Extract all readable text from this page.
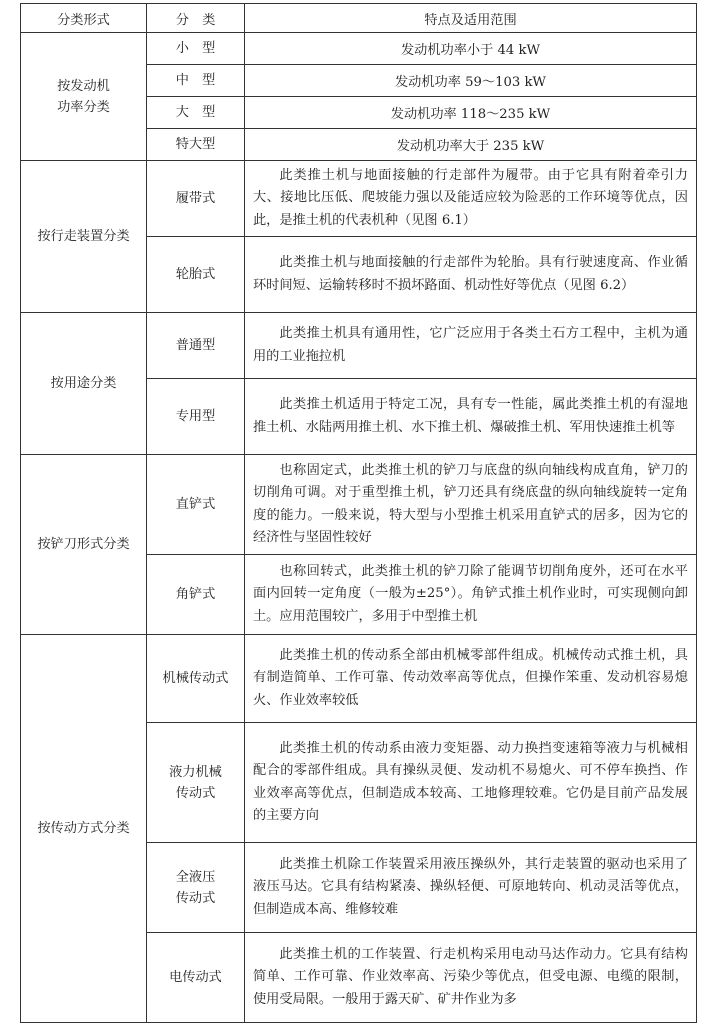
分类形式	分　类	特点及适用范围
按发动机
功率分类	小　型	发动机功率小于 44 kW
	中　型	发动机功率 59～103 kW
	大　型	发动机功率 118～235 kW
	特大型	发动机功率大于 235 kW
按行走装置分类	履带式	此类推土机与地面接触的行走部件为履带。由于它具有附着牵引力大、接地比压低、爬坡能力强以及能适应较为险恶的工作环境等优点，因此，是推土机的代表机种（见图 6.1）
	轮胎式	此类推土机与地面接触的行走部件为轮胎。具有行驶速度高、作业循环时间短、运输转移时不损坏路面、机动性好等优点（见图 6.2）
按用途分类	普通型	此类推土机具有通用性，它广泛应用于各类土石方工程中，主机为通用的工业拖拉机
	专用型	此类推土机适用于特定工况，具有专一性能，属此类推土机的有湿地推土机、水陆两用推土机、水下推土机、爆破推土机、军用快速推土机等
按铲刀形式分类	直铲式	也称固定式，此类推土机的铲刀与底盘的纵向轴线构成直角，铲刀的切削角可调。对于重型推土机，铲刀还具有绕底盘的纵向轴线旋转一定角度的能力。一般来说，特大型与小型推土机采用直铲式的居多，因为它的经济性与坚固性较好
	角铲式	也称回转式，此类推土机的铲刀除了能调节切削角度外，还可在水平面内回转一定角度（一般为±25°）。角铲式推土机作业时，可实现侧向卸土。应用范围较广，多用于中型推土机
按传动方式分类	机械传动式	此类推土机的传动系全部由机械零部件组成。机械传动式推土机，具有制造简单、工作可靠、传动效率高等优点，但操作笨重、发动机容易熄火、作业效率较低
	液力机械
传动式	此类推土机的传动系由液力变矩器、动力换挡变速箱等液力与机械相配合的零部件组成。具有操纵灵便、发动机不易熄火、可不停车换挡、作业效率高等优点，但制造成本较高、工地修理较难。它仍是目前产品发展的主要方向
	全液压
传动式	此类推土机除工作装置采用液压操纵外，其行走装置的驱动也采用了液压马达。它具有结构紧凑、操纵轻便、可原地转向、机动灵活等优点，但制造成本高、维修较难
	电传动式	此类推土机的工作装置、行走机构采用电动马达作动力。它具有结构简单、工作可靠、作业效率高、污染少等优点，但受电源、电缆的限制，使用受局限。一般用于露天矿、矿井作业为多
